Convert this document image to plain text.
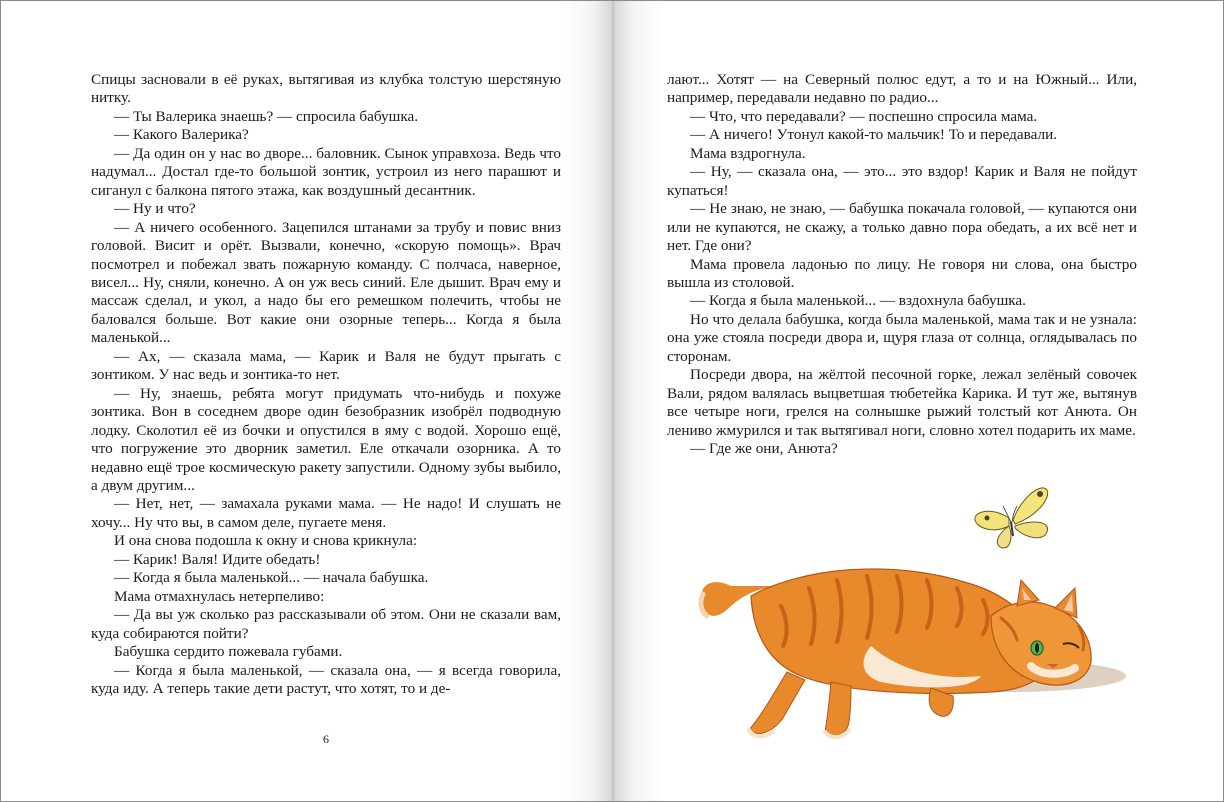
Спицы засновали в её руках, вытягивая из клубка толстую шерстяную нитку.

— Ты Валерика знаешь? — спросила бабушка.

— Какого Валерика?

— Да один он у нас во дворе... баловник. Сынок управхоза. Ведь что надумал... Достал где-то большой зонтик, устроил из него парашют и сиганул с балкона пятого этажа, как воздушный десантник.

— Ну и что?

— А ничего особенного. Зацепился штанами за трубу и повис вниз головой. Висит и орёт. Вызвали, конечно, «скорую помощь». Врач посмотрел и побежал звать пожарную команду. С полчаса, наверное, висел... Ну, сняли, конечно. А он уж весь синий. Еле дышит. Врач ему и массаж сделал, и укол, а надо бы его ремешком полечить, чтобы не баловался больше. Вот какие они озорные теперь... Когда я была маленькой...

— Ах, — сказала мама, — Карик и Валя не будут прыгать с зонтиком. У нас ведь и зонтика-то нет.

— Ну, знаешь, ребята могут придумать что-нибудь и похуже зонтика. Вон в соседнем дворе один безобразник изобрёл подводную лодку. Сколотил её из бочки и опустился в яму с водой. Хорошо ещё, что погружение это дворник заметил. Еле откачали озорника. А то недавно ещё трое космическую ракету запустили. Одному зубы выбило, а двум другим...

— Нет, нет, — замахала руками мама. — Не надо! И слушать не хочу... Ну что вы, в самом деле, пугаете меня.

И она снова подошла к окну и снова крикнула:

— Карик! Валя! Идите обедать!

— Когда я была маленькой... — начала бабушка.

Мама отмахнулась нетерпеливо:

— Да вы уж сколько раз рассказывали об этом. Они не сказали вам, куда собираются пойти?

Бабушка сердито пожевала губами.

— Когда я была маленькой, — сказала она, — я всегда говорила, куда иду. А теперь такие дети растут, что хотят, то и де-

6

лают... Хотят — на Северный полюс едут, а то и на Южный... Или, например, передавали недавно по радио...

— Что, что передавали? — поспешно спросила мама.

— А ничего! Утонул какой-то мальчик! То и передавали.

Мама вздрогнула.

— Ну, — сказала она, — это... это вздор! Карик и Валя не пойдут купаться!

— Не знаю, не знаю, — бабушка покачала головой, — купаются они или не купаются, не скажу, а только давно пора обедать, а их всё нет и нет. Где они?

Мама провела ладонью по лицу. Не говоря ни слова, она быстро вышла из столовой.

— Когда я была маленькой... — вздохнула бабушка.

Но что делала бабушка, когда была маленькой, мама так и не узнала: она уже стояла посреди двора и, щуря глаза от солнца, оглядывалась по сторонам.

Посреди двора, на жёлтой песочной горке, лежал зелёный совочек Вали, рядом валялась выцветшая тюбетейка Карика. И тут же, вытянув все четыре ноги, грелся на солнышке рыжий толстый кот Анюта. Он лениво жмурился и так вытягивал ноги, словно хотел подарить их маме.

— Где же они, Анюта?
